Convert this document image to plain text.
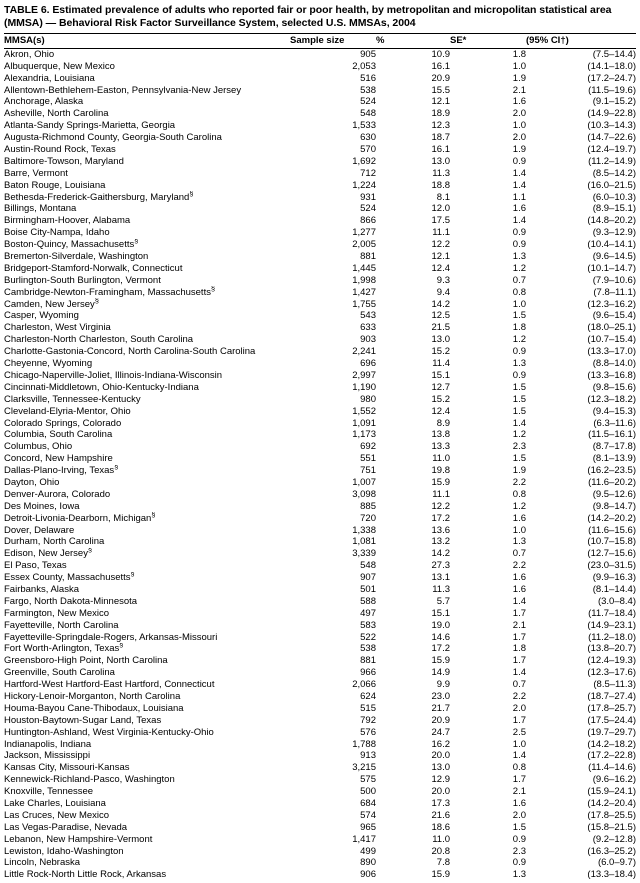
TABLE 6. Estimated prevalence of adults who reported fair or poor health, by metropolitan and micropolitan statistical area (MMSA) — Behavioral Risk Factor Surveillance System, selected U.S. MMSAs, 2004
MMSA(s)	Sample size	%	SE*	(95% CI†)
Akron, Ohio	905	10.9	1.8	(7.5–14.4)
Albuquerque, New Mexico	2,053	16.1	1.0	(14.1–18.0)
Alexandria, Louisiana	516	20.9	1.9	(17.2–24.7)
Allentown-Bethlehem-Easton, Pennsylvania-New Jersey	538	15.5	2.1	(11.5–19.6)
Anchorage, Alaska	524	12.1	1.6	(9.1–15.2)
Asheville, North Carolina	548	18.9	2.0	(14.9–22.8)
Atlanta-Sandy Springs-Marietta, Georgia	1,533	12.3	1.0	(10.3–14.3)
Augusta-Richmond County, Georgia-South Carolina	630	18.7	2.0	(14.7–22.6)
Austin-Round Rock, Texas	570	16.1	1.9	(12.4–19.7)
Baltimore-Towson, Maryland	1,692	13.0	0.9	(11.2–14.9)
Barre, Vermont	712	11.3	1.4	(8.5–14.2)
Baton Rouge, Louisiana	1,224	18.8	1.4	(16.0–21.5)
Bethesda-Frederick-Gaithersburg, Maryland§	931	8.1	1.1	(6.0–10.3)
Billings, Montana	524	12.0	1.6	(8.9–15.1)
Birmingham-Hoover, Alabama	866	17.5	1.4	(14.8–20.2)
Boise City-Nampa, Idaho	1,277	11.1	0.9	(9.3–12.9)
Boston-Quincy, Massachusetts§	2,005	12.2	0.9	(10.4–14.1)
Bremerton-Silverdale, Washington	881	12.1	1.3	(9.6–14.5)
Bridgeport-Stamford-Norwalk, Connecticut	1,445	12.4	1.2	(10.1–14.7)
Burlington-South Burlington, Vermont	1,998	9.3	0.7	(7.9–10.6)
Cambridge-Newton-Framingham, Massachusetts§	1,427	9.4	0.8	(7.8–11.1)
Camden, New Jersey§	1,755	14.2	1.0	(12.3–16.2)
Casper, Wyoming	543	12.5	1.5	(9.6–15.4)
Charleston, West Virginia	633	21.5	1.8	(18.0–25.1)
Charleston-North Charleston, South Carolina	903	13.0	1.2	(10.7–15.4)
Charlotte-Gastonia-Concord, North Carolina-South Carolina	2,241	15.2	0.9	(13.3–17.0)
Cheyenne, Wyoming	696	11.4	1.3	(8.8–14.0)
Chicago-Naperville-Joliet, Illinois-Indiana-Wisconsin	2,997	15.1	0.9	(13.3–16.8)
Cincinnati-Middletown, Ohio-Kentucky-Indiana	1,190	12.7	1.5	(9.8–15.6)
Clarksville, Tennessee-Kentucky	980	15.2	1.5	(12.3–18.2)
Cleveland-Elyria-Mentor, Ohio	1,552	12.4	1.5	(9.4–15.3)
Colorado Springs, Colorado	1,091	8.9	1.4	(6.3–11.6)
Columbia, South Carolina	1,173	13.8	1.2	(11.5–16.1)
Columbus, Ohio	692	13.3	2.3	(8.7–17.8)
Concord, New Hampshire	551	11.0	1.5	(8.1–13.9)
Dallas-Plano-Irving, Texas§	751	19.8	1.9	(16.2–23.5)
Dayton, Ohio	1,007	15.9	2.2	(11.6–20.2)
Denver-Aurora, Colorado	3,098	11.1	0.8	(9.5–12.6)
Des Moines, Iowa	885	12.2	1.2	(9.8–14.7)
Detroit-Livonia-Dearborn, Michigan§	720	17.2	1.6	(14.2–20.2)
Dover, Delaware	1,338	13.6	1.0	(11.6–15.6)
Durham, North Carolina	1,081	13.2	1.3	(10.7–15.8)
Edison, New Jersey§	3,339	14.2	0.7	(12.7–15.6)
El Paso, Texas	548	27.3	2.2	(23.0–31.5)
Essex County, Massachusetts§	907	13.1	1.6	(9.9–16.3)
Fairbanks, Alaska	501	11.3	1.6	(8.1–14.4)
Fargo, North Dakota-Minnesota	588	5.7	1.4	(3.0–8.4)
Farmington, New Mexico	497	15.1	1.7	(11.7–18.4)
Fayetteville, North Carolina	583	19.0	2.1	(14.9–23.1)
Fayetteville-Springdale-Rogers, Arkansas-Missouri	522	14.6	1.7	(11.2–18.0)
Fort Worth-Arlington, Texas§	538	17.2	1.8	(13.8–20.7)
Greensboro-High Point, North Carolina	881	15.9	1.7	(12.4–19.3)
Greenville, South Carolina	966	14.9	1.4	(12.3–17.6)
Hartford-West Hartford-East Hartford, Connecticut	2,066	9.9	0.7	(8.5–11.3)
Hickory-Lenoir-Morganton, North Carolina	624	23.0	2.2	(18.7–27.4)
Houma-Bayou Cane-Thibodaux, Louisiana	515	21.7	2.0	(17.8–25.7)
Houston-Baytown-Sugar Land, Texas	792	20.9	1.7	(17.5–24.4)
Huntington-Ashland, West Virginia-Kentucky-Ohio	576	24.7	2.5	(19.7–29.7)
Indianapolis, Indiana	1,788	16.2	1.0	(14.2–18.2)
Jackson, Mississippi	913	20.0	1.4	(17.2–22.8)
Kansas City, Missouri-Kansas	3,215	13.0	0.8	(11.4–14.6)
Kennewick-Richland-Pasco, Washington	575	12.9	1.7	(9.6–16.2)
Knoxville, Tennessee	500	20.0	2.1	(15.9–24.1)
Lake Charles, Louisiana	684	17.3	1.6	(14.2–20.4)
Las Cruces, New Mexico	574	21.6	2.0	(17.8–25.5)
Las Vegas-Paradise, Nevada	965	18.6	1.5	(15.8–21.5)
Lebanon, New Hampshire-Vermont	1,417	11.0	0.9	(9.2–12.8)
Lewiston, Idaho-Washington	499	20.8	2.3	(16.3–25.2)
Lincoln, Nebraska	890	7.8	0.9	(6.0–9.7)
Little Rock-North Little Rock, Arkansas	906	15.9	1.3	(13.3–18.4)
